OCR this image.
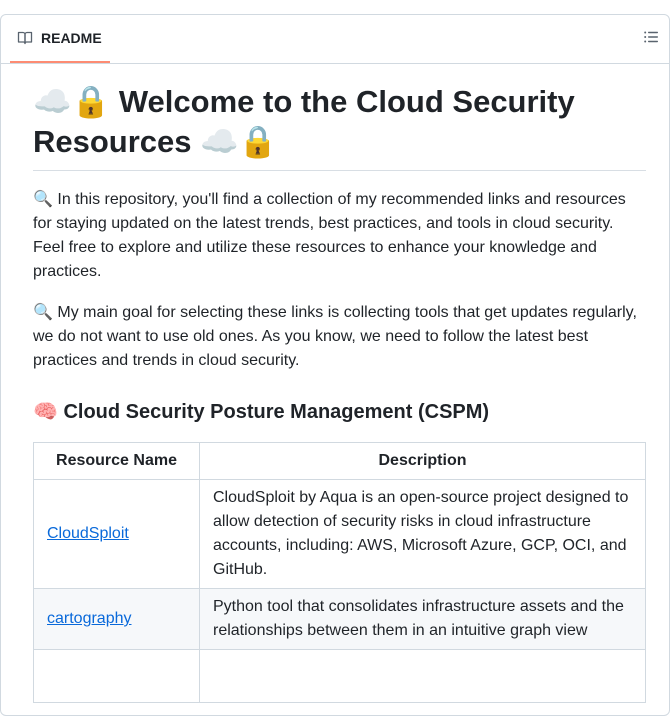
README
☁️🔒 Welcome to the Cloud Security Resources ☁️🔒

🔍 In this repository, you'll find a collection of my recommended links and resources for staying updated on the latest trends, best practices, and tools in cloud security. Feel free to explore and utilize these resources to enhance your knowledge and practices.

🔍 My main goal for selecting these links is collecting tools that get updates regularly, we do not want to use old ones. As you know, we need to follow the latest best practices and trends in cloud security.

🧠 Cloud Security Posture Management (CSPM)
Resource Name	Description
CloudSploit	CloudSploit by Aqua is an open-source project designed to allow detection of security risks in cloud infrastructure accounts, including: AWS, Microsoft Azure, GCP, OCI, and GitHub.
cartography	Python tool that consolidates infrastructure assets and the relationships between them in an intuitive graph view
